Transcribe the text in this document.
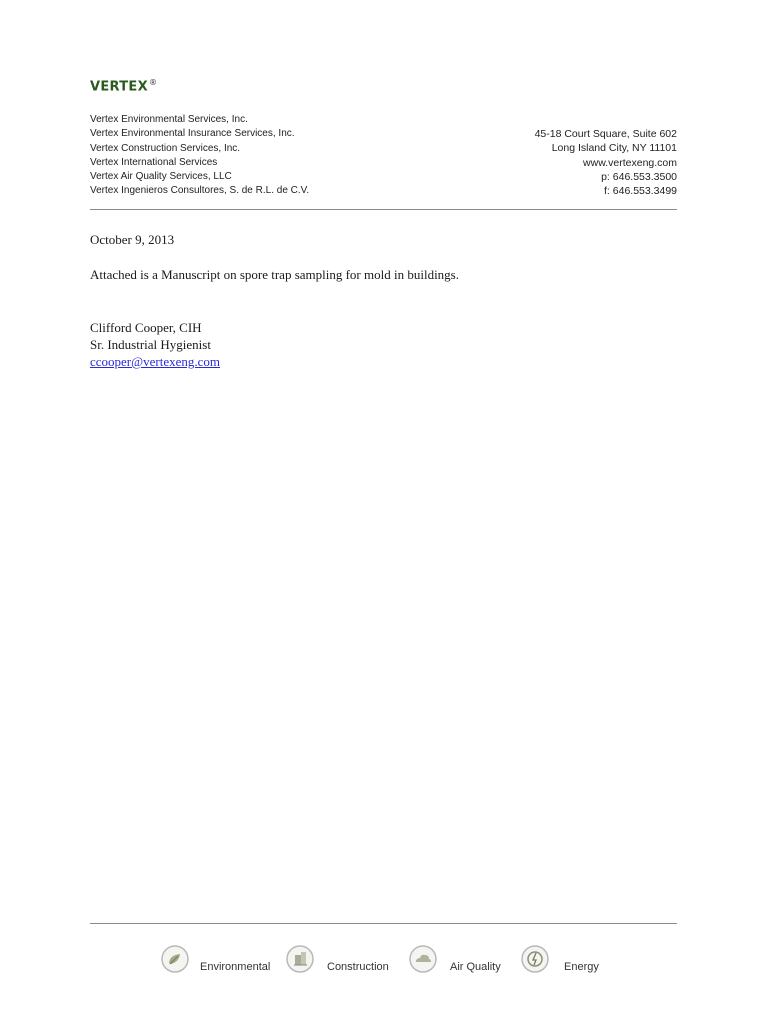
VERTEX®
Vertex Environmental Services, Inc.
Vertex Environmental Insurance Services, Inc.
Vertex Construction Services, Inc.
Vertex International Services
Vertex Air Quality Services, LLC
Vertex Ingenieros Consultores, S. de R.L. de C.V.
45-18 Court Square, Suite 602
Long Island City, NY 11101
www.vertexeng.com
p: 646.553.3500
f: 646.553.3499
October 9, 2013
Attached is a Manuscript on spore trap sampling for mold in buildings.
Clifford Cooper, CIH
Sr. Industrial Hygienist
ccooper@vertexeng.com
Environmental	Construction	Air Quality	Energy
